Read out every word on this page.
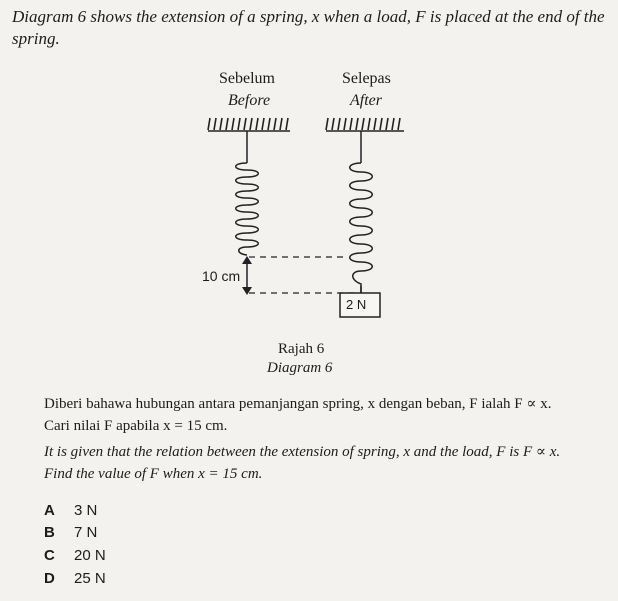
Diagram 6 shows the extension of a spring, x when a load, F is placed at the end of the spring.
Sebelum
Before
Selepas
After
10 cm
2 N
Rajah 6
Diagram 6
Diberi bahawa hubungan antara pemanjangan spring, x dengan beban, F ialah F ∝ x.
Cari nilai F apabila x = 15 cm.
It is given that the relation between the extension of spring, x and the load, F is F ∝ x.
Find the value of F when x = 15 cm.
A 3 N
B 7 N
C 20 N
D 25 N
